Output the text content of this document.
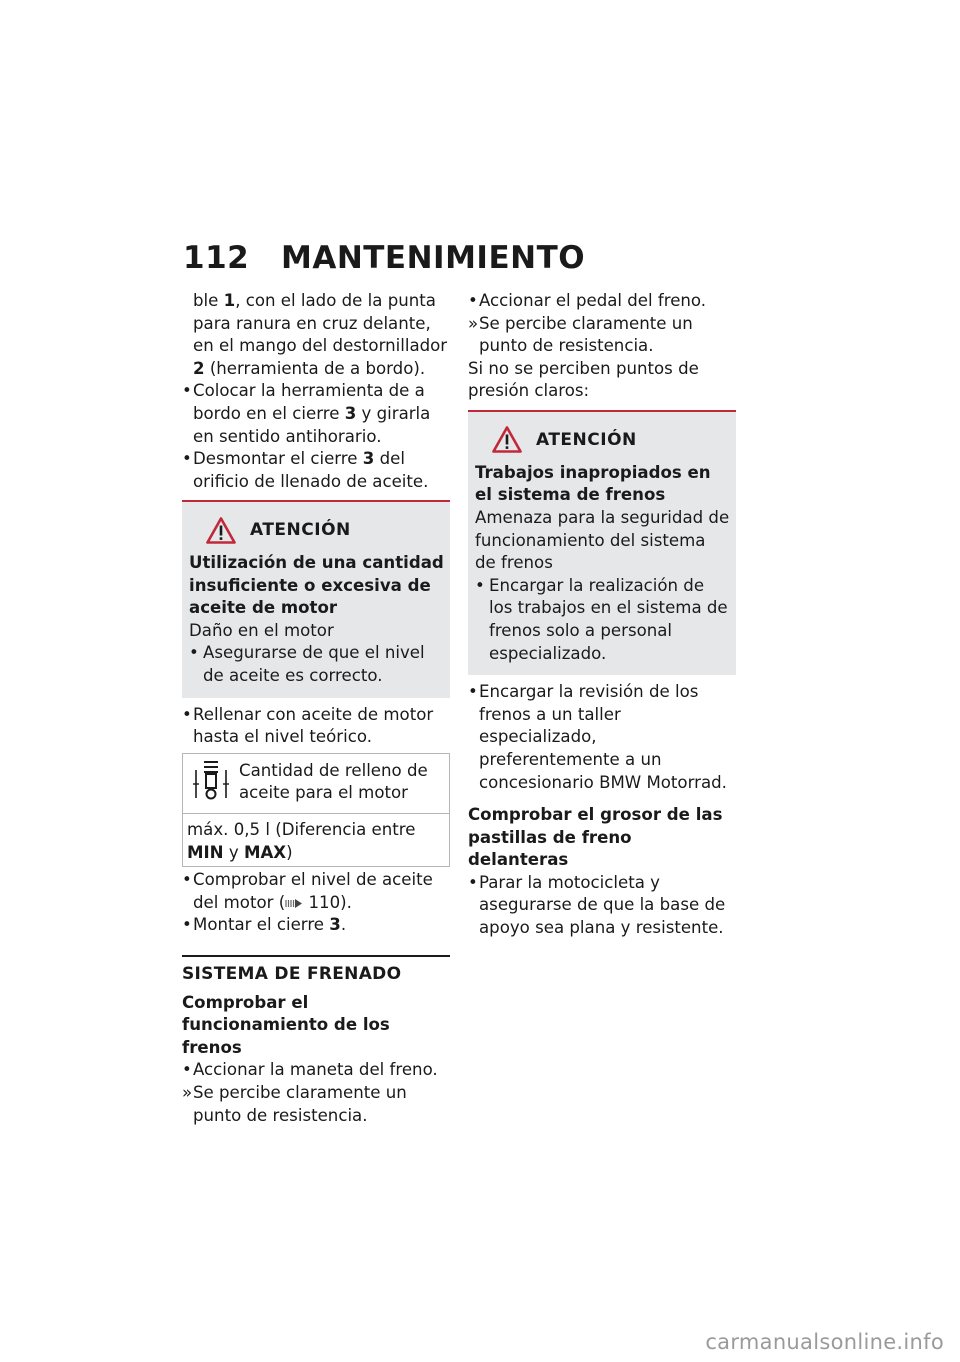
112	MANTENIMIENTO

ble 1, con el lado de la punta para ranura en cruz delante, en el mango del destornillador 2 (herramienta de a bordo).

• Colocar la herramienta de a bordo en el cierre 3 y girarla en sentido antihorario.
• Desmontar el cierre 3 del orificio de llenado de aceite.
ATENCIÓN
Utilización de una cantidad insuficiente o excesiva de aceite de motor
Daño en el motor
• Asegurarse de que el nivel de aceite es correcto.
• Rellenar con aceite de motor hasta el nivel teórico.
Cantidad de relleno de aceite para el motor
máx. 0,5 l (Diferencia entre MIN y MAX)
• Comprobar el nivel de aceite del motor ( 110).
• Montar el cierre 3.
SISTEMA DE FRENADO
Comprobar el funcionamiento de los frenos
• Accionar la maneta del freno.
» Se percibe claramente un punto de resistencia.
• Accionar el pedal del freno.
» Se percibe claramente un punto de resistencia.

Si no se perciben puntos de presión claros:

ATENCIÓN
Trabajos inapropiados en el sistema de frenos
Amenaza para la seguridad de funcionamiento del sistema de frenos
• Encargar la realización de los trabajos en el sistema de frenos solo a personal especializado.
• Encargar la revisión de los frenos a un taller especializado, preferentemente a un concesionario BMW Motorrad.
Comprobar el grosor de las pastillas de freno delanteras
• Parar la motocicleta y asegurarse de que la base de apoyo sea plana y resistente.
carmanualsonline.info
